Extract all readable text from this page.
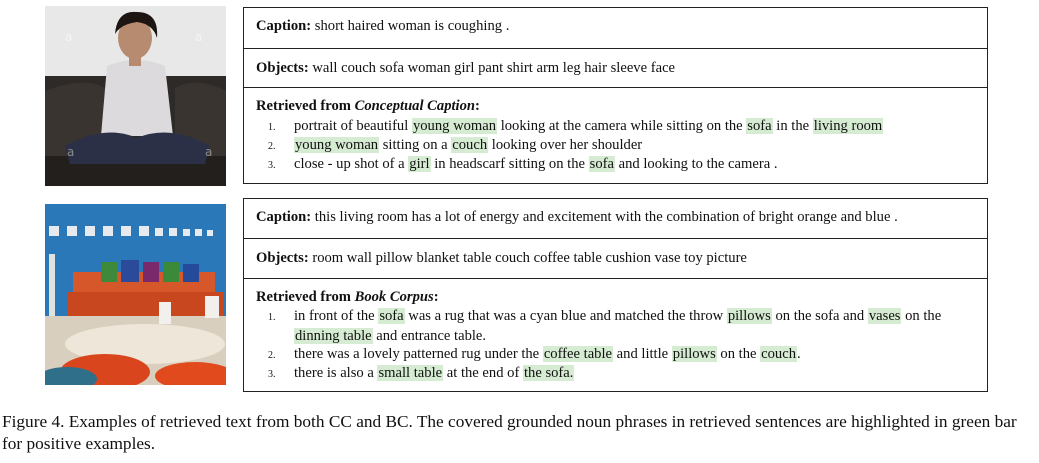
a	a
a	a
Caption: short haired woman is coughing .
Objects: wall couch sofa woman girl pant shirt arm leg hair sleeve face
Retrieved from Conceptual Caption:
1. portrait of beautiful young woman looking at the camera while sitting on the sofa in the living room
2. young woman sitting on a couch looking over her shoulder
3. close - up shot of a girl in headscarf sitting on the sofa and looking to the camera .
Caption: this living room has a lot of energy and excitement with the combination of bright orange and blue .
Objects: room wall pillow blanket table couch coffee table cushion vase toy picture
Retrieved from Book Corpus:
1. in front of the sofa was a rug that was a cyan blue and matched the throw pillows on the sofa and vases on the dinning table and entrance table.
2. there was a lovely patterned rug under the coffee table and little pillows on the couch.
3. there is also a small table at the end of the sofa.
Figure 4. Examples of retrieved text from both CC and BC. The covered grounded noun phrases in retrieved sentences are highlighted in green bar for positive examples.
